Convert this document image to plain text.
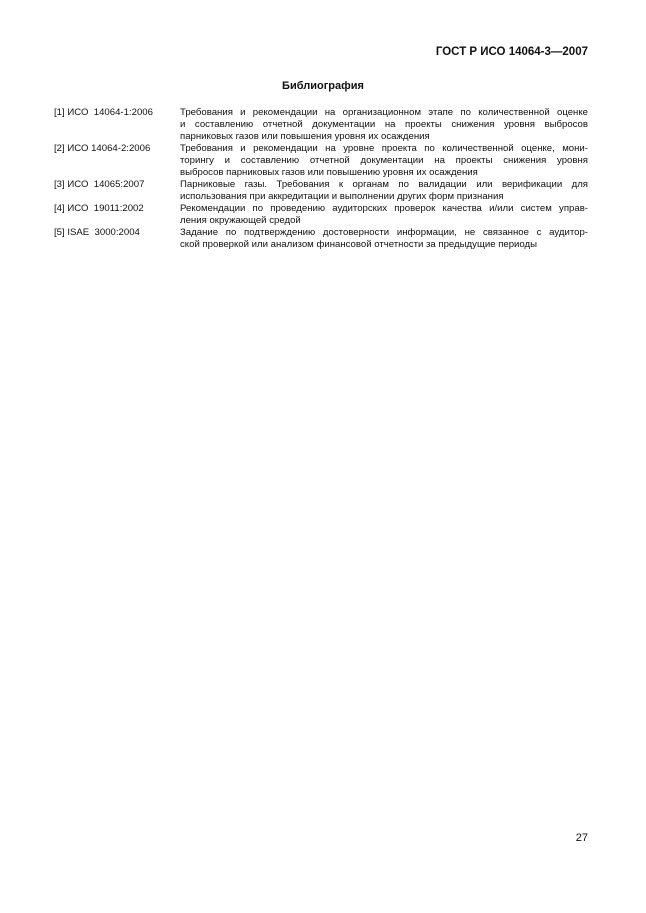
ГОСТ Р ИСО 14064-3—2007
Библиография
[1] ИСО  14064-1:2006	Требования и рекомендации на организационном этапе по количественной оценке
и составлению отчетной документации на проекты снижения уровня выбросов
парниковых газов или повышения уровня их осаждения
[2] ИСО 14064-2:2006	Требования и рекомендации на уровне проекта по количественной оценке, мони-
торингу и составлению отчетной документации на проекты снижения уровня
выбросов парниковых газов или повышению уровня их осаждения
[3] ИСО  14065:2007	Парниковые газы. Требования к органам по валидации или верификации для
использования при аккредитации и выполнении других форм признания
[4] ИСО  19011:2002	Рекомендации по проведению аудиторских проверок качества и/или систем управ-
ления окружающей средой
[5] ISAE  3000:2004	Задание по подтверждению достоверности информации, не связанное с аудитор-
ской проверкой или анализом финансовой отчетности за предыдущие периоды
27
